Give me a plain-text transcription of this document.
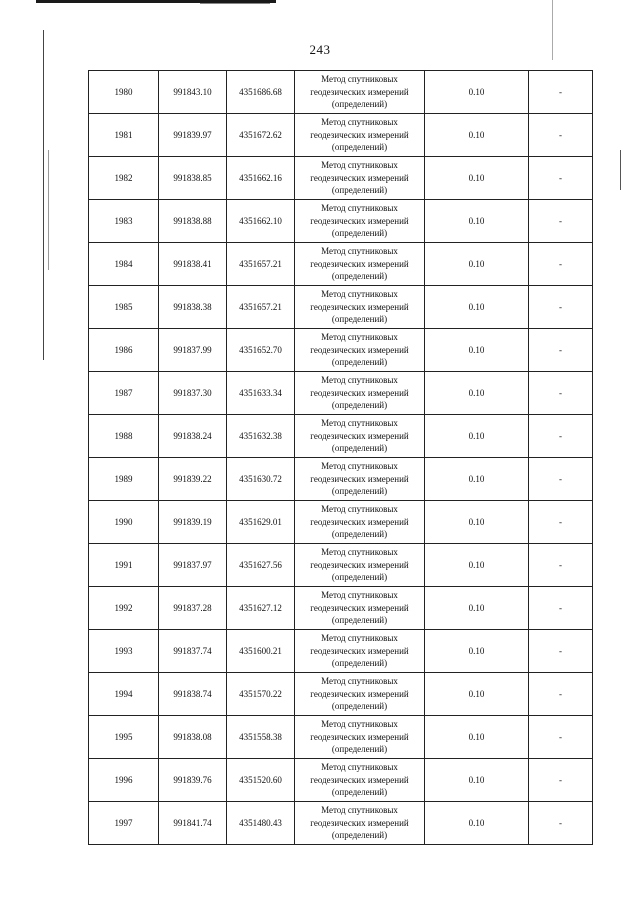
243
1980	991843.10	4351686.68	Метод спутниковых
геодезических измерений
(определений)	0.10	-
1981	991839.97	4351672.62	Метод спутниковых
геодезических измерений
(определений)	0.10	-
1982	991838.85	4351662.16	Метод спутниковых
геодезических измерений
(определений)	0.10	-
1983	991838.88	4351662.10	Метод спутниковых
геодезических измерений
(определений)	0.10	-
1984	991838.41	4351657.21	Метод спутниковых
геодезических измерений
(определений)	0.10	-
1985	991838.38	4351657.21	Метод спутниковых
геодезических измерений
(определений)	0.10	-
1986	991837.99	4351652.70	Метод спутниковых
геодезических измерений
(определений)	0.10	-
1987	991837.30	4351633.34	Метод спутниковых
геодезических измерений
(определений)	0.10	-
1988	991838.24	4351632.38	Метод спутниковых
геодезических измерений
(определений)	0.10	-
1989	991839.22	4351630.72	Метод спутниковых
геодезических измерений
(определений)	0.10	-
1990	991839.19	4351629.01	Метод спутниковых
геодезических измерений
(определений)	0.10	-
1991	991837.97	4351627.56	Метод спутниковых
геодезических измерений
(определений)	0.10	-
1992	991837.28	4351627.12	Метод спутниковых
геодезических измерений
(определений)	0.10	-
1993	991837.74	4351600.21	Метод спутниковых
геодезических измерений
(определений)	0.10	-
1994	991838.74	4351570.22	Метод спутниковых
геодезических измерений
(определений)	0.10	-
1995	991838.08	4351558.38	Метод спутниковых
геодезических измерений
(определений)	0.10	-
1996	991839.76	4351520.60	Метод спутниковых
геодезических измерений
(определений)	0.10	-
1997	991841.74	4351480.43	Метод спутниковых
геодезических измерений
(определений)	0.10	-
